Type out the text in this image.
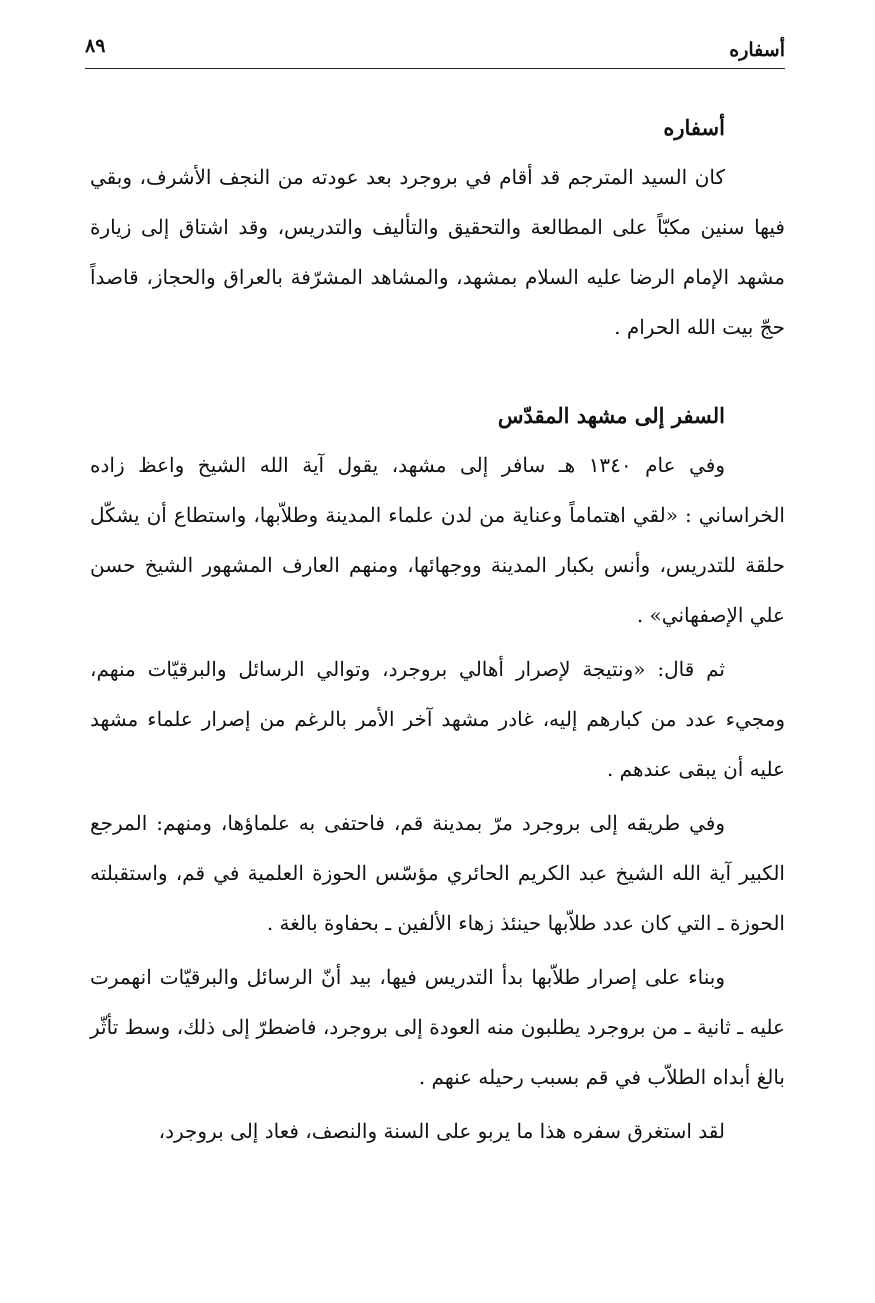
أسفاره
٨٩
أسفاره

كان السيد المترجم قد أقام في بروجرد بعد عودته من النجف الأشرف، وبقي فيها سنين مكبّاً على المطالعة والتحقيق والتأليف والتدريس، وقد اشتاق إلى زيارة مشهد الإمام الرضا عليه السلام بمشهد، والمشاهد المشرّفة بالعراق والحجاز، قاصداً حجّ بيت الله الحرام .

السفر إلى مشهد المقدّس

وفي عام ١٣٤٠ هـ سافر إلى مشهد، يقول آية الله الشيخ واعظ زاده الخراساني : «لقي اهتماماً وعناية من لدن علماء المدينة وطلاّبها، واستطاع أن يشكّل حلقة للتدريس، وأنس بكبار المدينة ووجهائها، ومنهم العارف المشهور الشيخ حسن علي الإصفهاني» .

ثم قال: «ونتيجة لإصرار أهالي بروجرد، وتوالي الرسائل والبرقيّات منهم، ومجيء عدد من كبارهم إليه، غادر مشهد آخر الأمر بالرغم من إصرار علماء مشهد عليه أن يبقى عندهم .

وفي طريقه إلى بروجرد مرّ بمدينة قم، فاحتفى به علماؤها، ومنهم: المرجع الكبير آية الله الشيخ عبد الكريم الحائري مؤسّس الحوزة العلمية في قم، واستقبلته الحوزة ـ التي كان عدد طلاّبها حينئذ زهاء الألفين ـ بحفاوة بالغة .

وبناء على إصرار طلاّبها بدأ التدريس فيها، بيد أنّ الرسائل والبرقيّات انهمرت عليه ـ ثانية ـ من بروجرد يطلبون منه العودة إلى بروجرد، فاضطرّ إلى ذلك، وسط تأثّر بالغ أبداه الطلاّب في قم بسبب رحيله عنهم .

لقد استغرق سفره هذا ما يربو على السنة والنصف، فعاد إلى بروجرد،
